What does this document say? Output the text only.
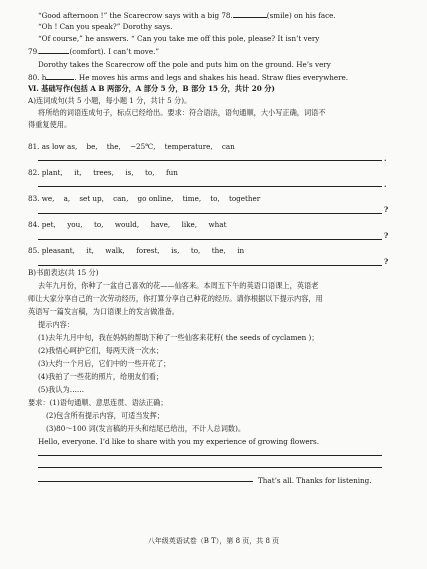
“Good afternoon !” the Scarecrow says with a big 78.	(smile) on his face.
“Oh ! Can you speak?” Dorothy says.
“Of course,” he answers. “ Can you take me off this pole, please? It isn’t very
79.	(comfort). I can’t move.”
Dorothy takes the Scarecrow off the pole and puts him on the ground. He’s very
80. h	. He moves his arms and legs and shakes his head. Straw flies everywhere.
Ⅵ. 基础写作(包括 A B 两部分，A 部分 5 分，B 部分 15 分，共计 20 分)
A)连词成句(共 5 小题，每小题 1 分，共计 5 分)。
将所给的词语连成句子，标点已经给出。要求：符合语法，语句通顺，大小写正确，词语不
得重复使用。
81. as low as,    be,    the,    −25℃,    temperature,    can
.
82. plant,     it,     trees,     is,     to,     fun
.
83. we,    a,    set up,    can,    go online,    time,    to,    together
?
84. pet,     you,     to,     would,     have,     like,     what
?
85. pleasant,     it,     walk,     forest,     is,     to,     the,     in
?
B)书面表达(共 15 分)
去年九月份，你种了一盆自己喜欢的花——仙客来。本周五下午的英语口语课上，英语老
师让大家分享自己的一次劳动经历，你打算分享自己种花的经历。请你根据以下提示内容，用
英语写一篇发言稿，为口语课上的发言做准备。
提示内容：
(1)去年九月中旬，我在妈妈的帮助下种了一些仙客来花籽( the seeds of cyclamen )；
(2)我悟心呵护它们，每两天浇一次水；
(3)大约一个月后，它们中的一些开花了；
(4)我拍了一些花的照片，给朋友们看；
(5)我认为……
要求：(1)语句通顺、意思连贯、语法正确；
(2)包含所有提示内容，可适当发挥；
(3)80～100 词(发言稿的开头和结尾已给出，不计人总词数)。
Hello, everyone. I’d like to share with you my experience of growing flowers.
That’s all. Thanks for listening.
八年级英语试卷（B T），第 8 页，共 8 页
